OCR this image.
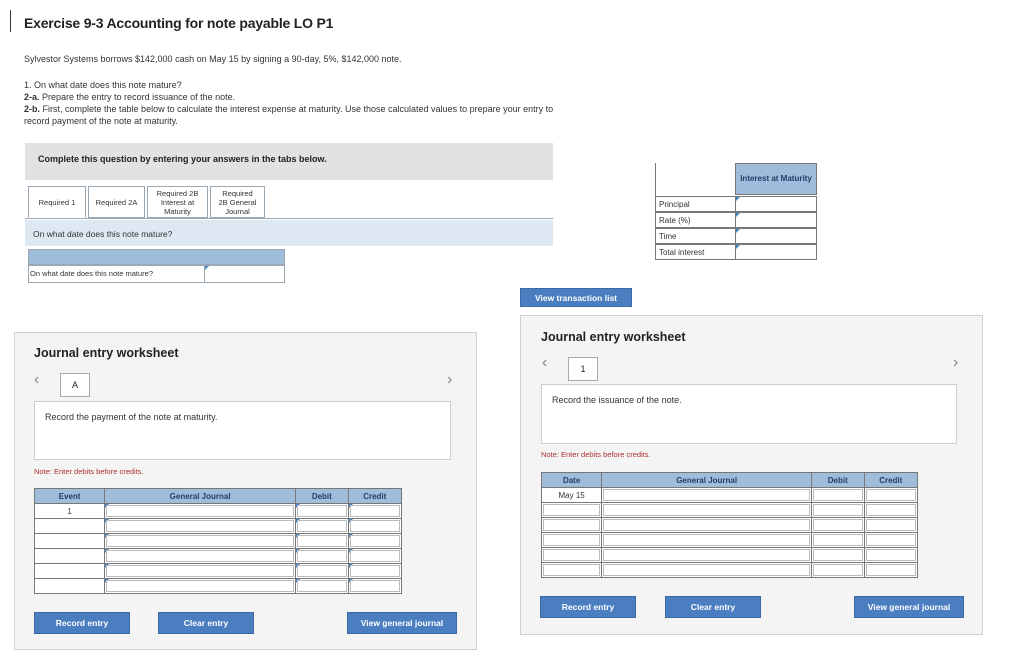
Exercise 9-3 Accounting for note payable LO P1
Sylvestor Systems borrows $142,000 cash on May 15 by signing a 90-day, 5%, $142,000 note.
1. On what date does this note mature?
2-a. Prepare the entry to record issuance of the note.
2-b. First, complete the table below to calculate the interest expense at maturity. Use those calculated values to prepare your entry to
record payment of the note at maturity.
Complete this question by entering your answers in the tabs below.
Required 1	Required 2A
Required 2B Interest at Maturity
Required 2B General Journal
On what date does this note mature?
On what date does this note mature?
Interest at Maturity
Principal
Rate (%)
Time
Total interest
View transaction list
Journal entry worksheet
‹	A	›
Record the payment of the note at maturity.
Note: Enter debits before credits.
Event	General Journal	Debit	Credit
1			

Record entry	Clear entry	View general journal
Journal entry worksheet
‹	1	›
Record the issuance of the note.
Note: Enter debits before credits.
Date	General Journal	Debit	Credit
May 15			

Record entry	Clear entry	View general journal
